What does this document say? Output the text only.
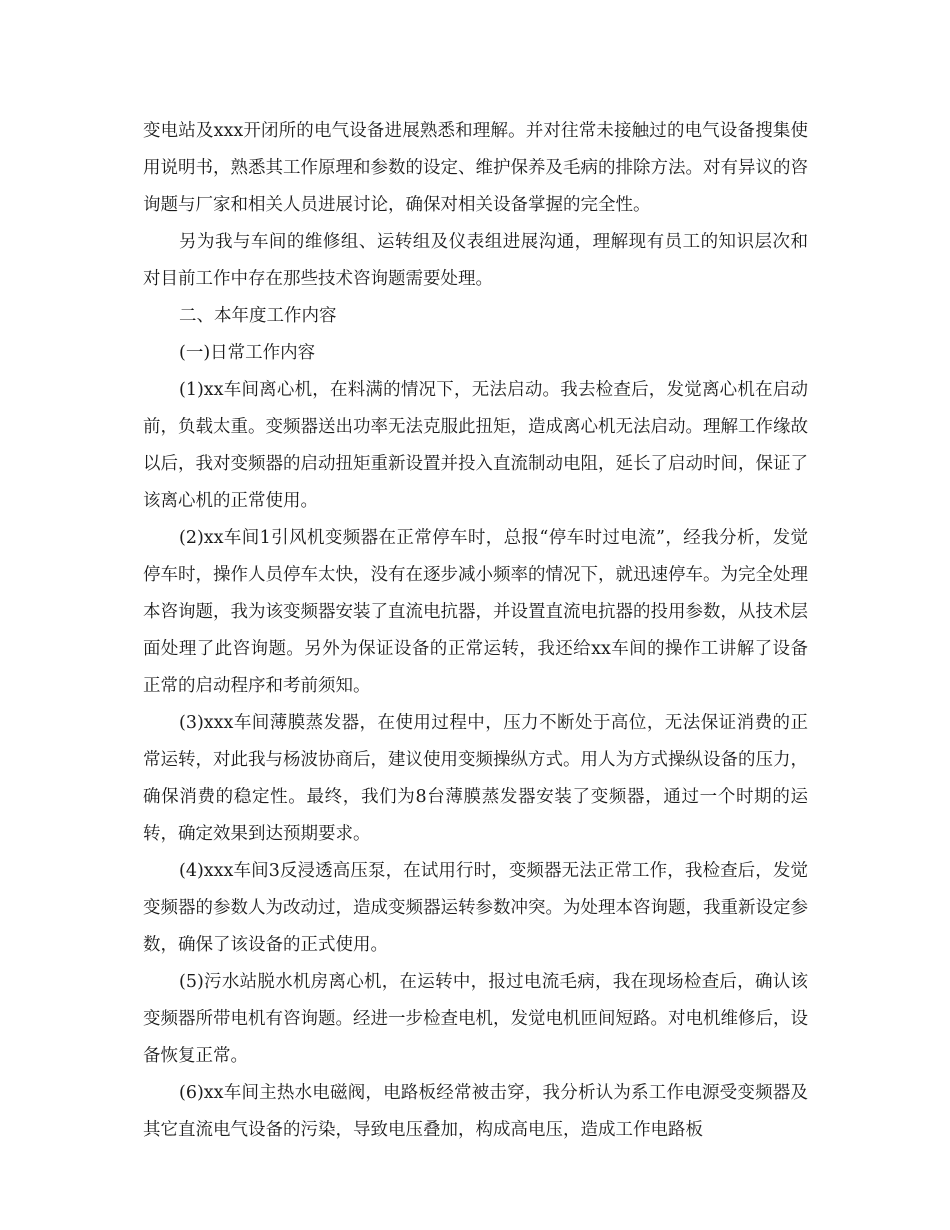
变电站及xxx开闭所的电气设备进展熟悉和理解。并对往常未接触过的电气设备搜集使用说明书，熟悉其工作原理和参数的设定、维护保养及毛病的排除方法。对有异议的咨询题与厂家和相关人员进展讨论，确保对相关设备掌握的完全性。

另为我与车间的维修组、运转组及仪表组进展沟通，理解现有员工的知识层次和对目前工作中存在那些技术咨询题需要处理。

二、本年度工作内容

(一)日常工作内容

(1)xx车间离心机，在料满的情况下，无法启动。我去检查后，发觉离心机在启动前，负载太重。变频器送出功率无法克服此扭矩，造成离心机无法启动。理解工作缘故以后，我对变频器的启动扭矩重新设置并投入直流制动电阻，延长了启动时间，保证了该离心机的正常使用。

(2)xx车间1引风机变频器在正常停车时，总报“停车时过电流”，经我分析，发觉停车时，操作人员停车太快，没有在逐步减小频率的情况下，就迅速停车。为完全处理本咨询题，我为该变频器安装了直流电抗器，并设置直流电抗器的投用参数，从技术层面处理了此咨询题。另外为保证设备的正常运转，我还给xx车间的操作工讲解了设备正常的启动程序和考前须知。

(3)xxx车间薄膜蒸发器，在使用过程中，压力不断处于高位，无法保证消费的正常运转，对此我与杨波协商后，建议使用变频操纵方式。用人为方式操纵设备的压力，确保消费的稳定性。最终，我们为8台薄膜蒸发器安装了变频器，通过一个时期的运转，确定效果到达预期要求。

(4)xxx车间3反浸透高压泵，在试用行时，变频器无法正常工作，我检查后，发觉变频器的参数人为改动过，造成变频器运转参数冲突。为处理本咨询题，我重新设定参数，确保了该设备的正式使用。

(5)污水站脱水机房离心机，在运转中，报过电流毛病，我在现场检查后，确认该变频器所带电机有咨询题。经进一步检查电机，发觉电机匝间短路。对电机维修后，设备恢复正常。

(6)xx车间主热水电磁阀，电路板经常被击穿，我分析认为系工作电源受变频器及其它直流电气设备的污染，导致电压叠加，构成高电压，造成工作电路板
